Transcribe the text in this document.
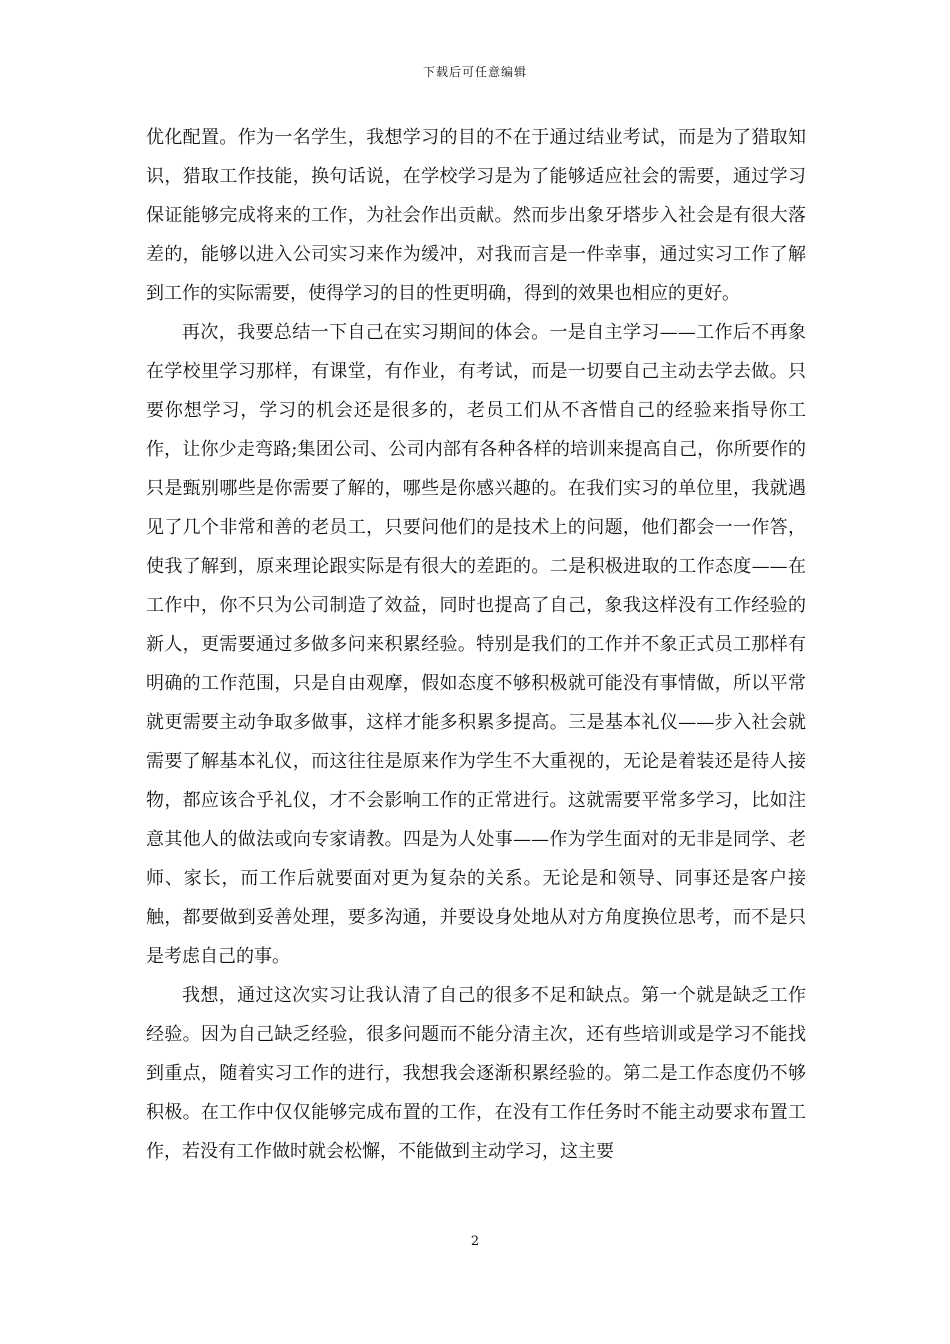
下载后可任意编辑

优化配置。作为一名学生，我想学习的目的不在于通过结业考试，而是为了猎取知识，猎取工作技能，换句话说，在学校学习是为了能够适应社会的需要，通过学习保证能够完成将来的工作，为社会作出贡献。然而步出象牙塔步入社会是有很大落差的，能够以进入公司实习来作为缓冲，对我而言是一件幸事，通过实习工作了解到工作的实际需要，使得学习的目的性更明确，得到的效果也相应的更好。

再次，我要总结一下自己在实习期间的体会。一是自主学习——工作后不再象在学校里学习那样，有课堂，有作业，有考试，而是一切要自己主动去学去做。只要你想学习，学习的机会还是很多的，老员工们从不吝惜自己的经验来指导你工作，让你少走弯路;集团公司、公司内部有各种各样的培训来提高自己，你所要作的只是甄别哪些是你需要了解的，哪些是你感兴趣的。在我们实习的单位里，我就遇见了几个非常和善的老员工，只要问他们的是技术上的问题，他们都会一一作答，使我了解到，原来理论跟实际是有很大的差距的。二是积极进取的工作态度——在工作中，你不只为公司制造了效益，同时也提高了自己，象我这样没有工作经验的新人，更需要通过多做多问来积累经验。特别是我们的工作并不象正式员工那样有明确的工作范围，只是自由观摩，假如态度不够积极就可能没有事情做，所以平常就更需要主动争取多做事，这样才能多积累多提高。三是基本礼仪——步入社会就需要了解基本礼仪，而这往往是原来作为学生不大重视的，无论是着装还是待人接物，都应该合乎礼仪，才不会影响工作的正常进行。这就需要平常多学习，比如注意其他人的做法或向专家请教。四是为人处事——作为学生面对的无非是同学、老师、家长，而工作后就要面对更为复杂的关系。无论是和领导、同事还是客户接触，都要做到妥善处理，要多沟通，并要设身处地从对方角度换位思考，而不是只是考虑自己的事。

我想，通过这次实习让我认清了自己的很多不足和缺点。第一个就是缺乏工作经验。因为自己缺乏经验，很多问题而不能分清主次，还有些培训或是学习不能找到重点，随着实习工作的进行，我想我会逐渐积累经验的。第二是工作态度仍不够积极。在工作中仅仅能够完成布置的工作，在没有工作任务时不能主动要求布置工作，若没有工作做时就会松懈，不能做到主动学习，这主要

2
